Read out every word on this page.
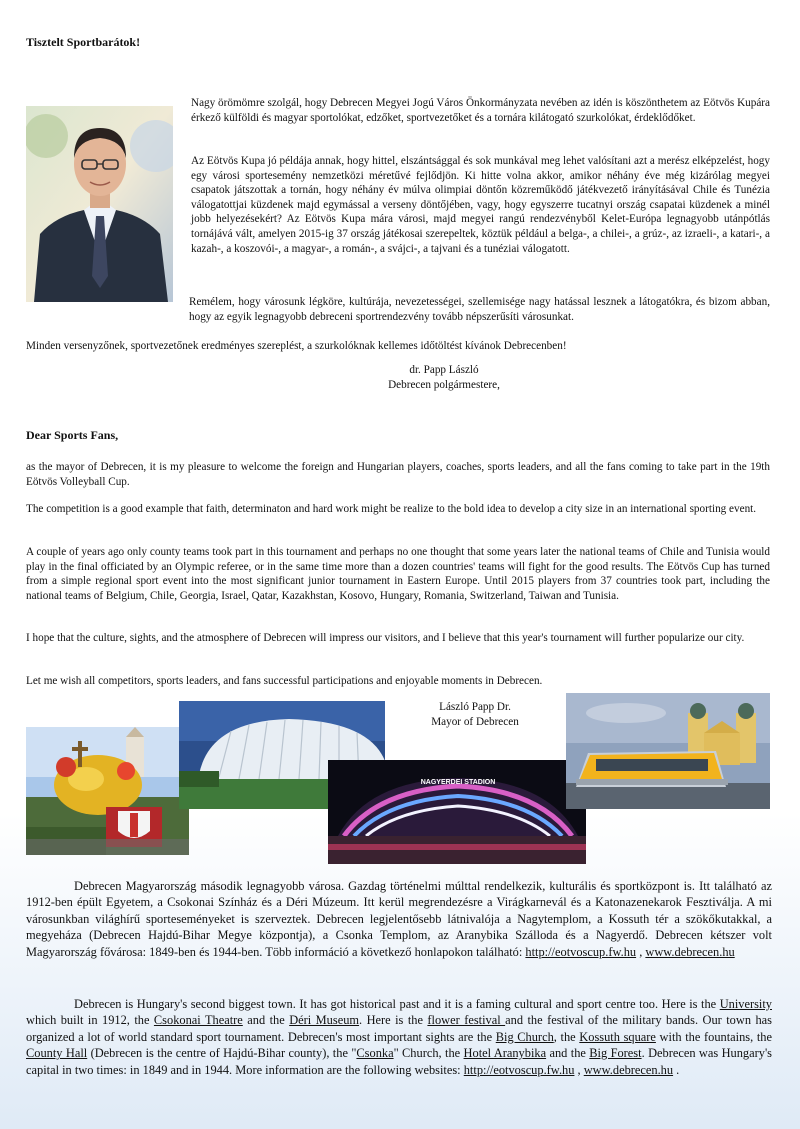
Tisztelt Sportbarátok!

Nagy örömömre szolgál, hogy Debrecen Megyei Jogú Város Önkormányzata nevében az idén is köszönthetem az Eötvös Kupára érkező külföldi és magyar sportolókat, edzőket, sportvezetőket és a tornára kilátogató szurkolókat, érdeklődőket.

Az Eötvös Kupa jó példája annak, hogy hittel, elszántsággal és sok munkával meg lehet valósítani azt a merész elképzelést, hogy egy városi sportesemény nemzetközi méretűvé fejlődjön. Ki hitte volna akkor, amikor néhány éve még kizárólag megyei csapatok játszottak a tornán, hogy néhány év múlva olimpiai döntőn közreműködő játékvezető irányításával Chile és Tunézia válogatottjai küzdenek majd egymással a verseny döntőjében, vagy, hogy egyszerre tucatnyi ország csapatai küzdenek a minél jobb helyezésekért? Az Eötvös Kupa mára városi, majd megyei rangú rendezvényből Kelet-Európa legnagyobb utánpótlás tornájává vált, amelyen 2015-ig 37 ország játékosai szerepeltek, köztük például a belga-, a chilei-, a grúz-, az izraeli-, a katari-, a kazah-, a koszovói-, a magyar-, a román-, a svájci-, a tajvani és a tunéziai válogatott.

Remélem, hogy városunk légköre, kultúrája, nevezetességei, szellemisége nagy hatással lesznek a látogatókra, és bizom abban, hogy az egyik legnagyobb debreceni sportrendezvény tovább népszerűsíti városunkat.

Minden versenyzőnek, sportvezetőnek eredményes szereplést, a szurkolóknak kellemes időtöltést kívánok Debrecenben!

dr. Papp László
Debrecen polgármestere,
Dear Sports Fans,

as the mayor of Debrecen, it is my pleasure to welcome the foreign and Hungarian players, coaches, sports leaders, and all the fans coming to take part in the 19th Eötvös Volleyball Cup.

The competition is a good example that faith, determinaton and hard work might be realize to the bold idea to develop a city size in an international sporting event.

A couple of years ago only county teams took part in this tournament and perhaps no one thought that some years later the national teams of Chile and Tunisia would play in the final officiated by an Olympic referee, or in the same time more than a dozen countries' teams will fight for the good results. The Eötvös Cup has turned from a simple regional sport event into the most significant junior tournament in Eastern Europe. Until 2015 players from 37 countries took part, including the national teams of Belgium, Chile, Georgia, Israel, Qatar, Kazakhstan, Kosovo, Hungary, Romania, Switzerland, Taiwan and Tunisia.

I hope that the culture, sights, and the atmosphere of Debrecen will impress our visitors, and I believe that this year's tournament will further popularize our city.

Let me wish all competitors, sports leaders, and fans successful participations and enjoyable moments in Debrecen.

László Papp Dr.
Mayor of Debrecen
NAGYERDEI STADION

Debrecen Magyarország második legnagyobb városa. Gazdag történelmi múlttal rendelkezik, kulturális és sportközpont is. Itt található az 1912-ben épült Egyetem, a Csokonai Színház és a Déri Múzeum. Itt kerül megrendezésre a Virágkarnevál és a Katonazenekarok Fesztiválja. A mi városunkban világhírű sporteseményeket is szerveztek. Debrecen legjelentősebb látnivalója a Nagytemplom, a Kossuth tér a szökőkutakkal, a megyeháza (Debrecen Hajdú-Bihar Megye központja), a Csonka Templom, az Aranybika Szálloda és a Nagyerdő. Debrecen kétszer volt Magyarország fővárosa: 1849-ben és 1944-ben. Több információ a következő honlapokon található: http://eotvoscup.fw.hu , www.debrecen.hu

Debrecen is Hungary's second biggest town. It has got historical past and it is a faming cultural and sport centre too. Here is the University which built in 1912, the Csokonai Theatre and the Déri Museum. Here is the flower festival and the festival of the military bands. Our town has organized a lot of world standard sport tournament. Debrecen's most important sights are the Big Church, the Kossuth square with the fountains, the County Hall (Debrecen is the centre of Hajdú-Bihar county), the "Csonka" Church, the Hotel Aranybika and the Big Forest. Debrecen was Hungary's capital in two times: in 1849 and in 1944. More information are the following websites: http://eotvoscup.fw.hu , www.debrecen.hu .
